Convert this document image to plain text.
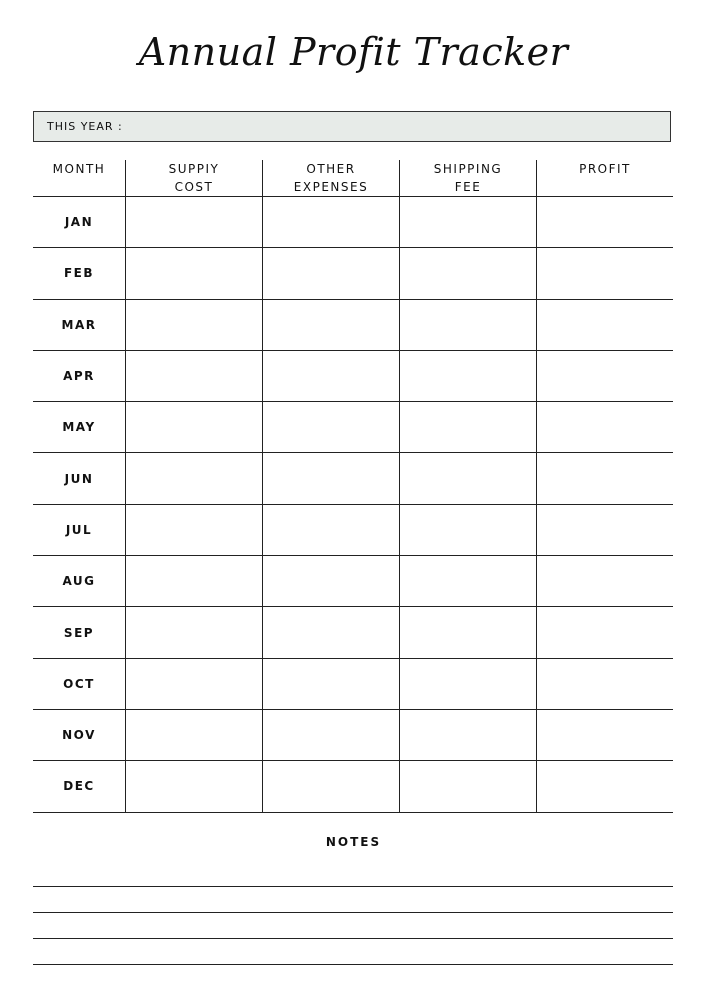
Annual Profit Tracker
THIS YEAR :
MONTH	SUPPIY
COST
OTHER
EXPENSES
SHIPPING
FEE
PROFIT

JAN
FEB
MAR
APR
MAY
JUN
JUL
AUG
SEP
OCT
NOV
DEC
NOTES
